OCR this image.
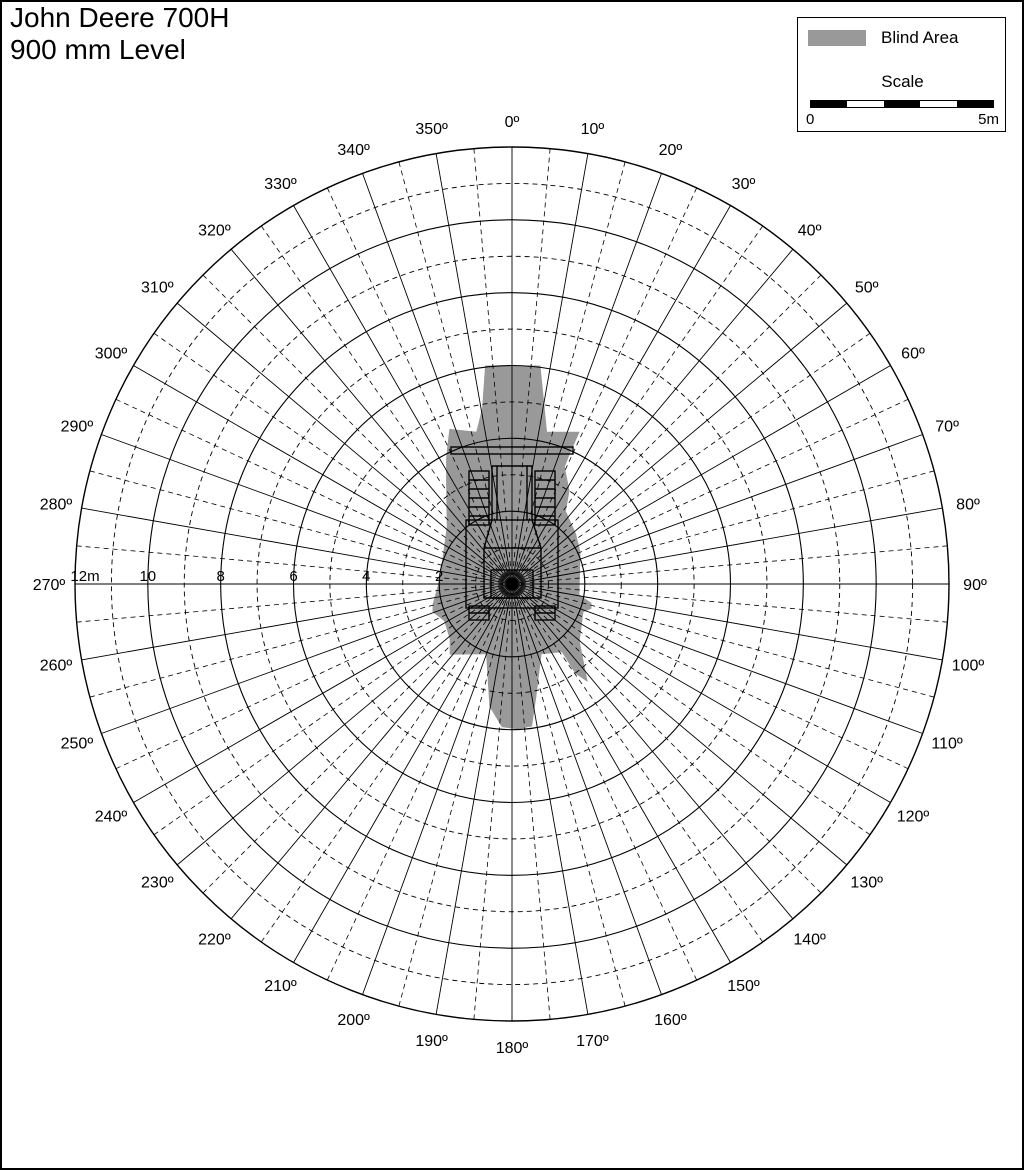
John Deere 700H
900 mm Level
12m	10	8	6	4	2
0º	10º
20º
30º
40º
50º
60º
70º
80º
90º
100º
110º
120º
130º
140º
150º
160º
170º
180º
190º
200º
210º
220º
230º
240º
250º
260º
270º
280º
290º
300º
310º
320º
330º
340º
350º
Blind Area
Scale
0	5m
